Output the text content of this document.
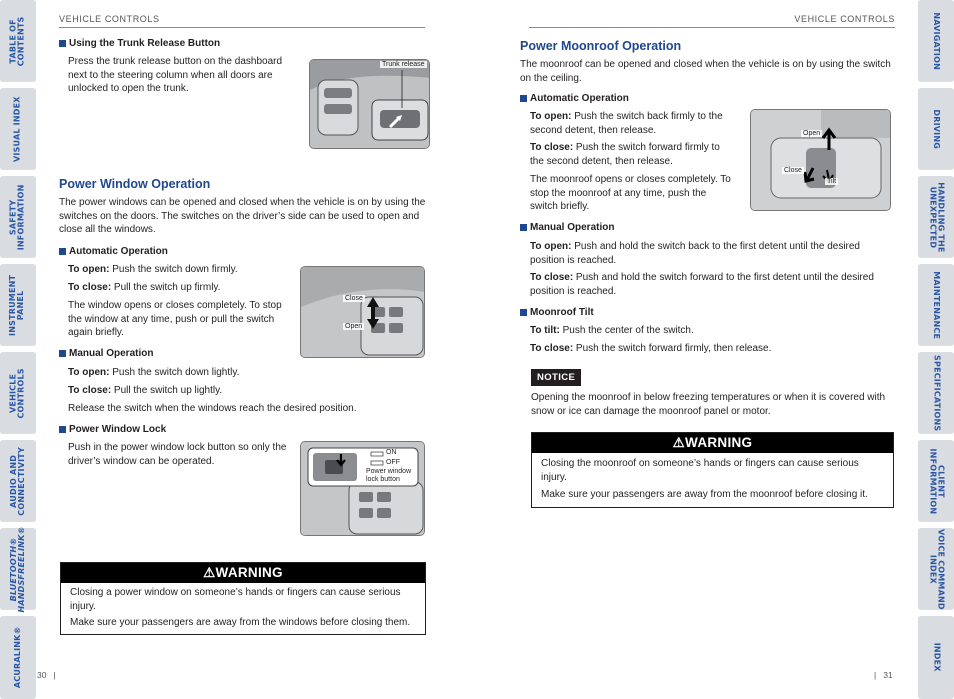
TABLE OF
CONTENTS
VISUAL INDEX
SAFETY
INFORMATION
INSTRUMENT
PANEL
VEHICLE
CONTROLS
AUDIO AND
CONNECTIVITY
BLUETOOTH®
HANDSFREELINK®
ACURALINK®
NAVIGATION
DRIVING
HANDLING THE
UNEXPECTED
MAINTENANCE
SPECIFICATIONS
CLIENT
INFORMATION
VOICE COMMAND
INDEX
INDEX
VEHICLE CONTROLS
Using the Trunk Release Button
Press the trunk release button on the dashboard next to the steering column when all doors are unlocked to open the trunk.
Trunk release
Power Window Operation
The power windows can be opened and closed when the vehicle is on by using the switches on the doors. The switches on the driver’s side can be used to open and close all the windows.
Automatic Operation
To open: Push the switch down firmly.
To close: Pull the switch up firmly.
The window opens or closes completely. To stop the window at any time, push or pull the switch again briefly.
Close
Open
Manual Operation
To open: Push the switch down lightly.
To close: Pull the switch up lightly.
Release the switch when the windows reach the desired position.
Power Window Lock
Push in the power window lock button so only the driver’s window can be operated.
ON
OFF
Power window
lock button
⚠WARNING
Closing a power window on someone’s hands or fingers can cause serious injury.
Make sure your passengers are away from the windows before closing them.
30   |
VEHICLE CONTROLS
Power Moonroof Operation
The moonroof can be opened and closed when the vehicle is on by using the switch on the ceiling.
Automatic Operation
To open: Push the switch back firmly to the second detent, then release.
To close: Push the switch forward firmly to the second detent, then release.
The moonroof opens or closes completely. To stop the moonroof at any time, push the switch briefly.
Open
Close
Tilt
Manual Operation
To open: Push and hold the switch back to the first detent until the desired position is reached.
To close: Push and hold the switch forward to the first detent until the desired position is reached.
Moonroof Tilt
To tilt: Push the center of the switch.
To close: Push the switch forward firmly, then release.
NOTICE
Opening the moonroof in below freezing temperatures or when it is covered with snow or ice can damage the moonroof panel or motor.
⚠WARNING
Closing the moonroof on someone’s hands or fingers can cause serious injury.
Make sure your passengers are away from the moonroof before closing it.
|   31
